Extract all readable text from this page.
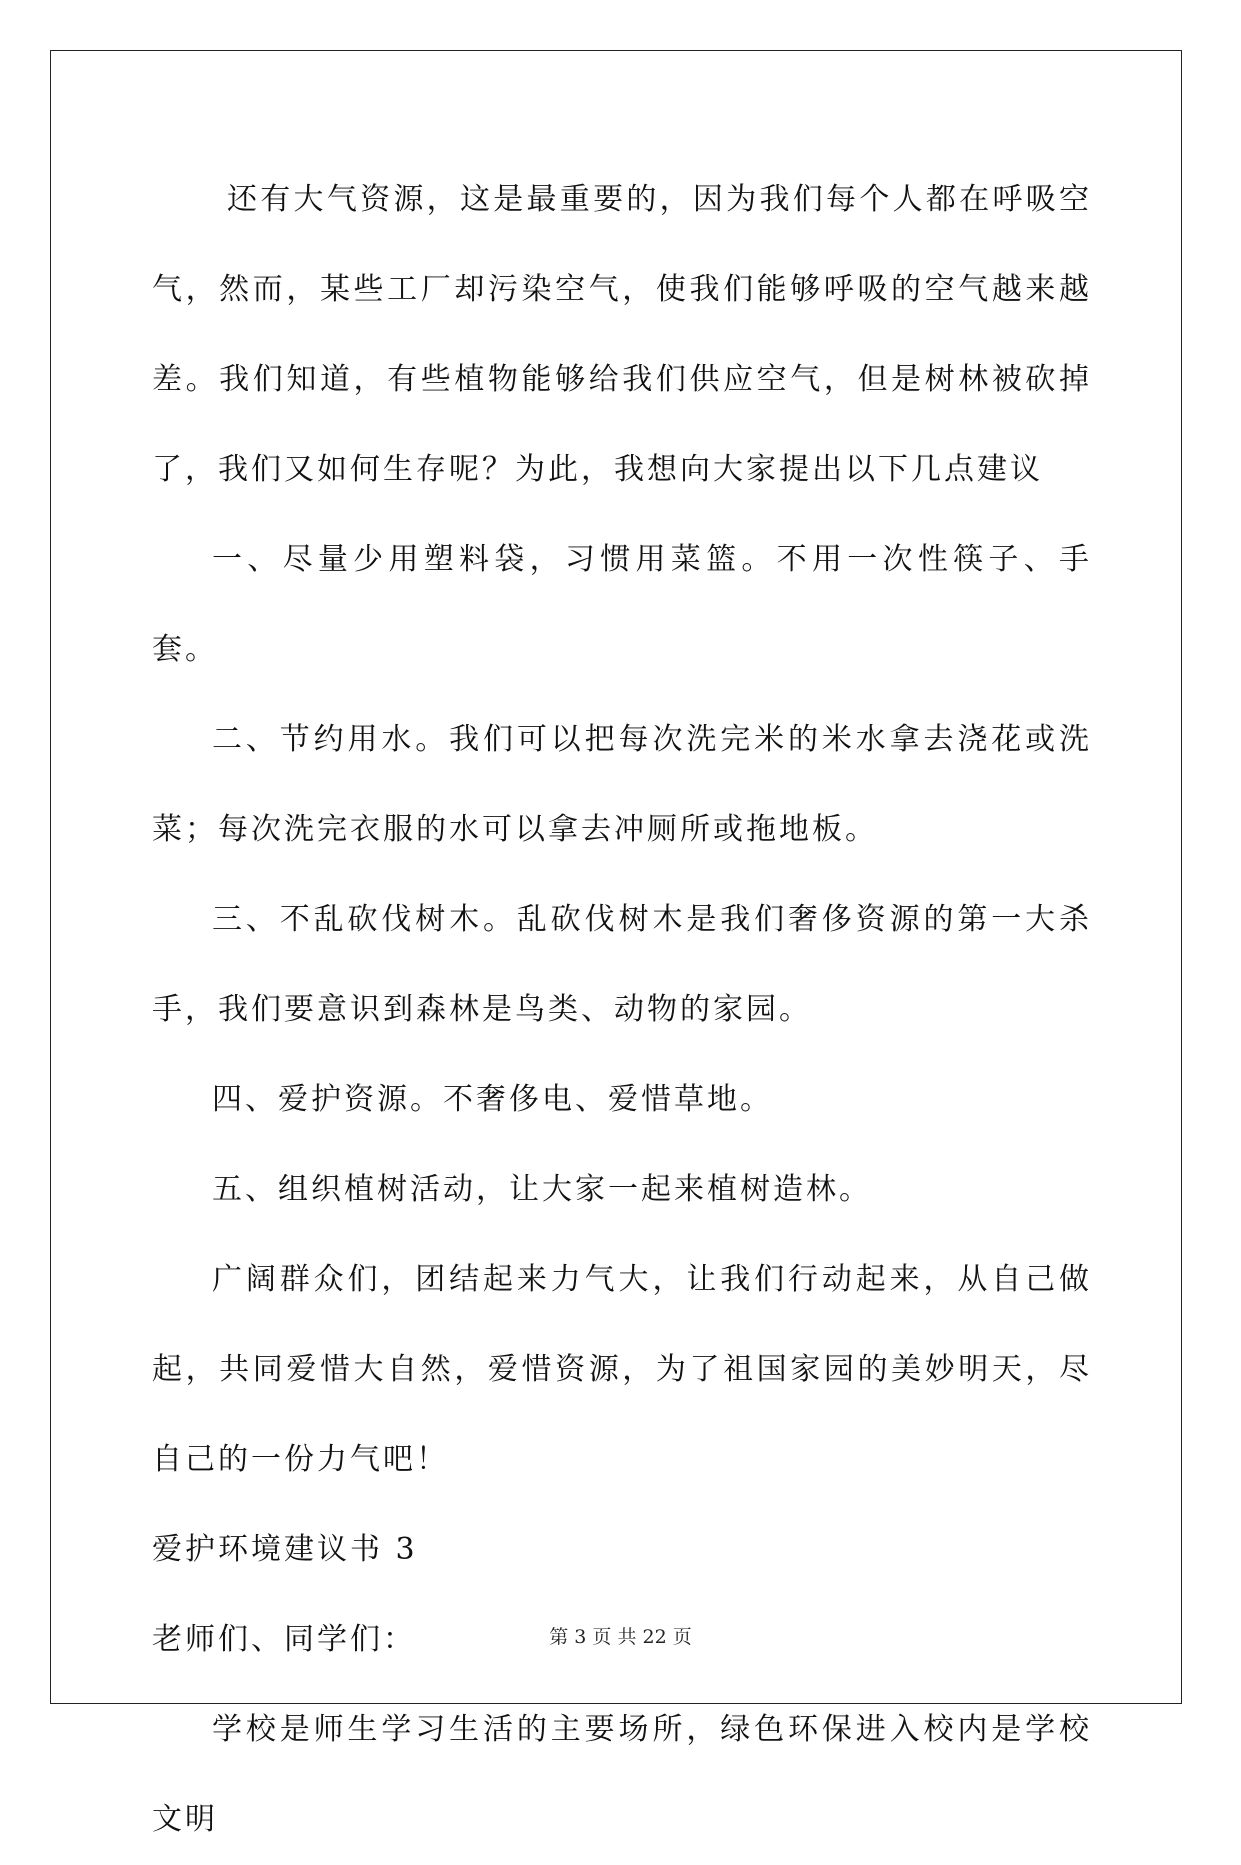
还有大气资源，这是最重要的，因为我们每个人都在呼吸空气，然而，某些工厂却污染空气，使我们能够呼吸的空气越来越差。我们知道，有些植物能够给我们供应空气，但是树林被砍掉了，我们又如何生存呢？为此，我想向大家提出以下几点建议

一、尽量少用塑料袋，习惯用菜篮。不用一次性筷子、手套。

二、节约用水。我们可以把每次洗完米的米水拿去浇花或洗菜；每次洗完衣服的水可以拿去冲厕所或拖地板。

三、不乱砍伐树木。乱砍伐树木是我们奢侈资源的第一大杀手，我们要意识到森林是鸟类、动物的家园。

四、爱护资源。不奢侈电、爱惜草地。

五、组织植树活动，让大家一起来植树造林。

广阔群众们，团结起来力气大，让我们行动起来，从自己做起，共同爱惜大自然，爱惜资源，为了祖国家园的美妙明天，尽自己的一份力气吧！

爱护环境建议书 3

老师们、同学们：

学校是师生学习生活的主要场所，绿色环保进入校内是学校文明

第 3 页 共 22 页
